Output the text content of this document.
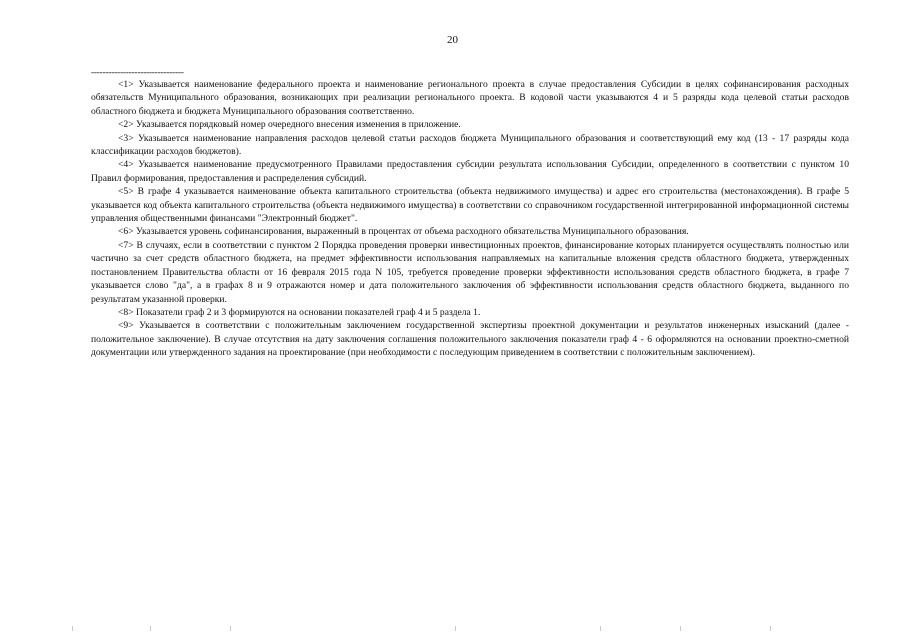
20
--------------------------------

<1> Указывается наименование федерального проекта и наименование регионального проекта в случае предоставления Субсидии в целях софинансирования расходных обязательств Муниципального образования, возникающих при реализации регионального проекта. В кодовой части указываются 4 и 5 разряды кода целевой статьи расходов областного бюджета и бюджета Муниципального образования соответственно.

<2> Указывается порядковый номер очередного внесения изменения в приложение.

<3> Указывается наименование направления расходов целевой статьи расходов бюджета Муниципального образования и соответствующий ему код (13 - 17 разряды кода классификации расходов бюджетов).

<4> Указывается наименование предусмотренного Правилами предоставления субсидии результата использования Субсидии, определенного в соответствии с пунктом 10 Правил формирования, предоставления и распределения субсидий.

<5> В графе 4 указывается наименование объекта капитального строительства (объекта недвижимого имущества) и адрес его строительства (местонахождения). В графе 5 указывается код объекта капитального строительства (объекта недвижимого имущества) в соответствии со справочником государственной интегрированной информационной системы управления общественными финансами "Электронный бюджет".

<6> Указывается уровень софинансирования, выраженный в процентах от объема расходного обязательства Муниципального образования.

<7> В случаях, если в соответствии с пунктом 2 Порядка проведения проверки инвестиционных проектов, финансирование которых планируется осуществлять полностью или частично за счет средств областного бюджета, на предмет эффективности использования направляемых на капитальные вложения средств областного бюджета, утвержденных постановлением Правительства области от 16 февраля 2015 года N 105, требуется проведение проверки эффективности использования средств областного бюджета, в графе 7 указывается слово "да", а в графах 8 и 9 отражаются номер и дата положительного заключения об эффективности использования средств областного бюджета, выданного по результатам указанной проверки.

<8> Показатели граф 2 и 3 формируются на основании показателей граф 4 и 5 раздела 1.

<9> Указывается в соответствии с положительным заключением государственной экспертизы проектной документации и результатов инженерных изысканий (далее - положительное заключение). В случае отсутствия на дату заключения соглашения положительного заключения показатели граф 4 - 6 оформляются на основании проектно-сметной документации или утвержденного задания на проектирование (при необходимости с последующим приведением в соответствии с положительным заключением).
